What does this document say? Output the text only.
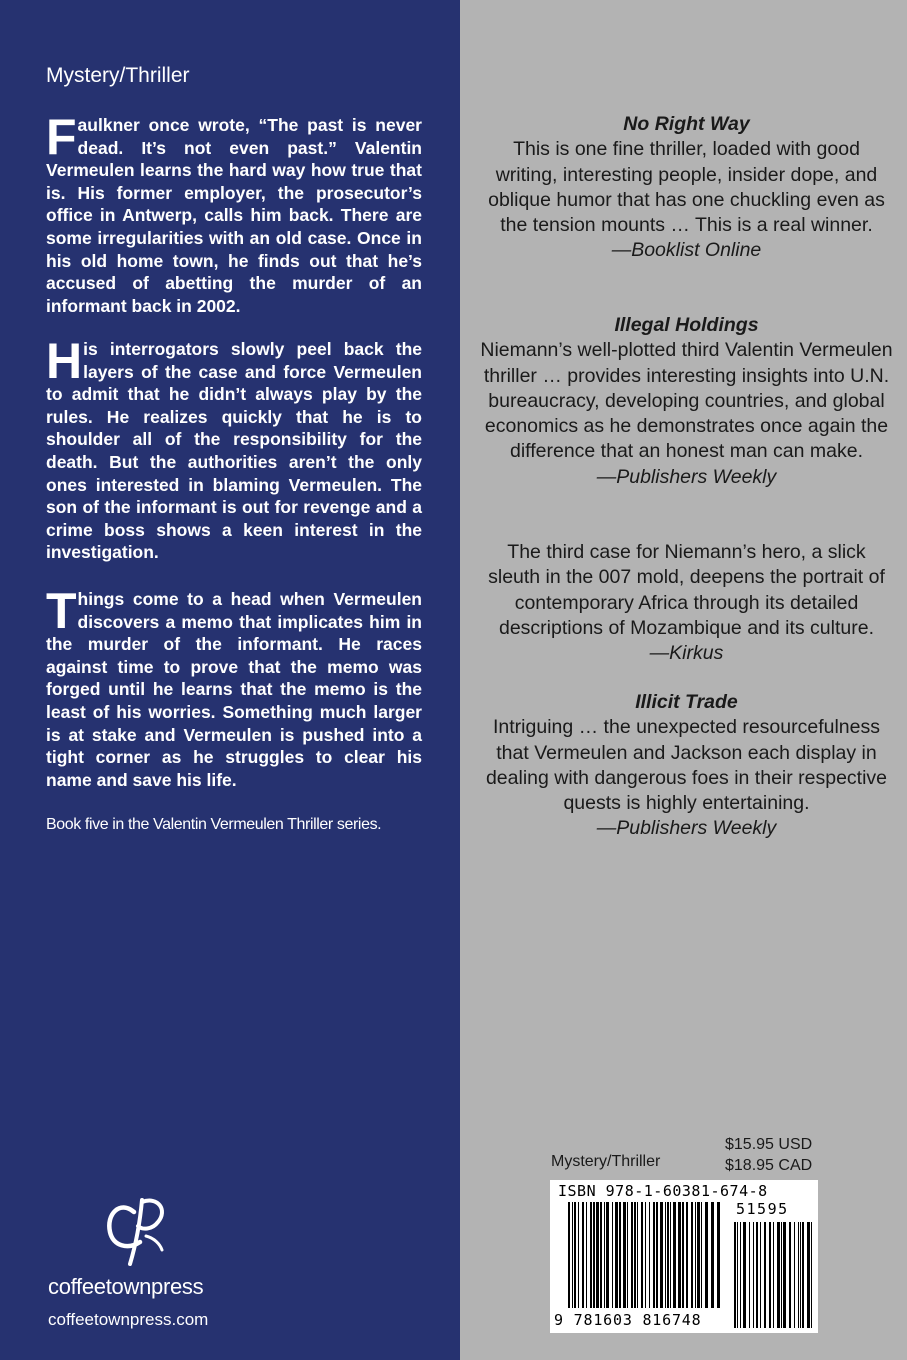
Mystery/Thriller
Faulkner once wrote, “The past is never dead. It’s not even past.” Valentin Vermeulen learns the hard way how true that is. His former employer, the prosecutor’s office in Antwerp, calls him back. There are some irregularities with an old case. Once in his old home town, he finds out that he’s accused of abetting the murder of an informant back in 2002.
His interrogators slowly peel back the layers of the case and force Vermeulen to admit that he didn’t always play by the rules. He realizes quickly that he is to shoulder all of the responsibility for the death. But the authorities aren’t the only ones interested in blaming Vermeulen. The son of the informant is out for revenge and a crime boss shows a keen interest in the investigation.
Things come to a head when Vermeulen discovers a memo that implicates him in the murder of the informant. He races against time to prove that the memo was forged until he learns that the memo is the least of his worries. Something much larger is at stake and Vermeulen is pushed into a tight corner as he struggles to clear his name and save his life.
Book five in the Valentin Vermeulen Thriller series.
coffeetownpress
coffeetownpress.com
No Right Way
This is one fine thriller, loaded with good writing, interesting people, insider dope, and oblique humor that has one chuckling even as the tension mounts … This is a real winner.
—Booklist Online
Illegal Holdings
Niemann’s well-plotted third Valentin Vermeulen thriller … provides interesting insights into U.N. bureaucracy, developing countries, and global economics as he demonstrates once again the difference that an honest man can make.
—Publishers Weekly
The third case for Niemann’s hero, a slick sleuth in the 007 mold, deepens the portrait of contemporary Africa through its detailed descriptions of Mozambique and its culture.
—Kirkus
Illicit Trade
Intriguing … the unexpected resourcefulness that Vermeulen and Jackson each display in dealing with dangerous foes in their respective quests is highly entertaining.
—Publishers Weekly
Mystery/Thriller
$15.95 USD
$18.95 CAD
ISBN 978-1-60381-674-8
51595
9 781603 816748
